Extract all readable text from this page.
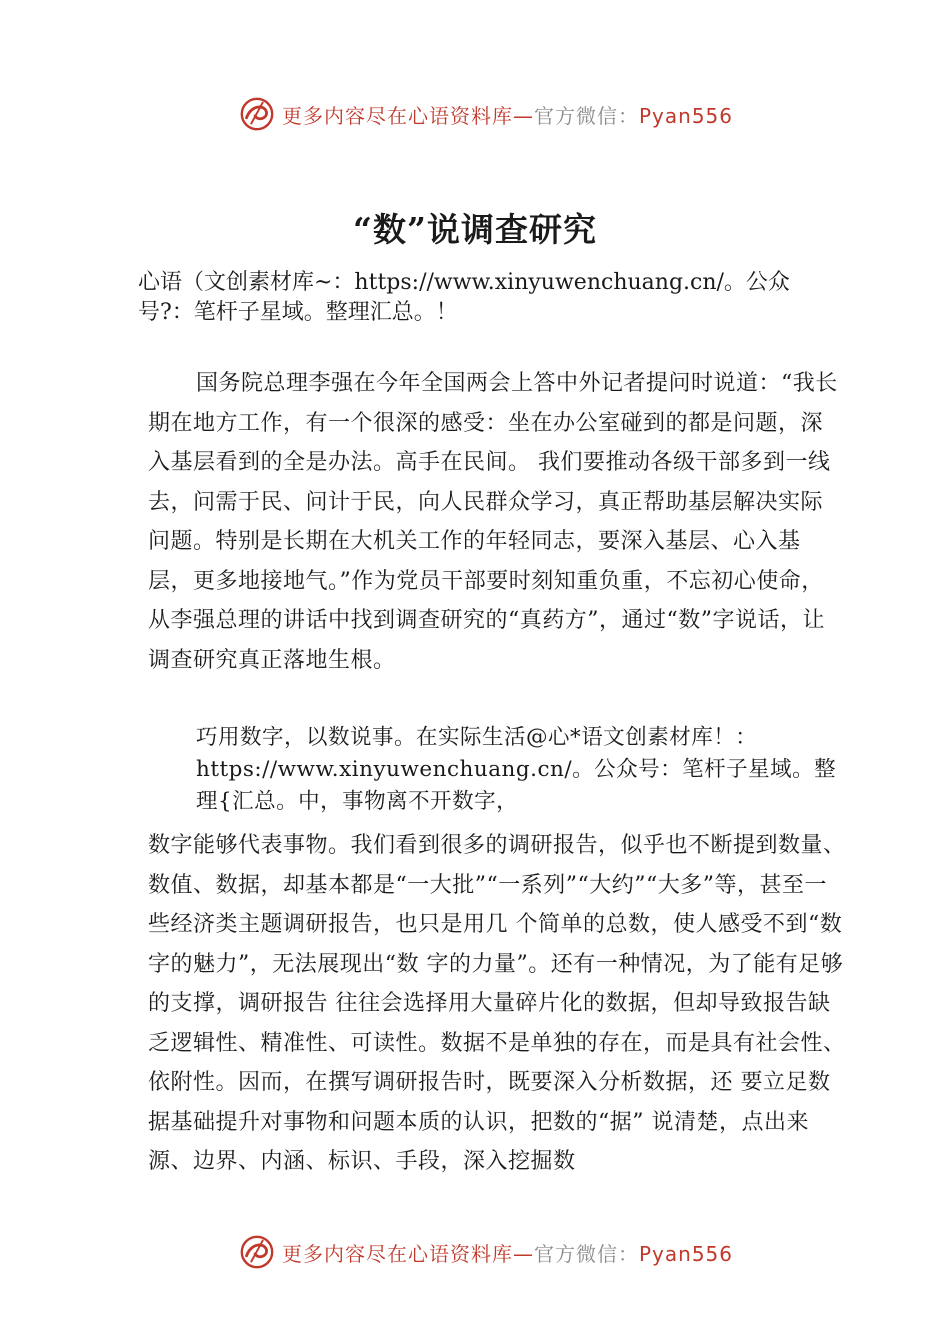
更多内容尽在心语资料库—官方微信：Pyan556
“数”说调查研究

心语（文创素材库~：https://www.xinyuwenchuang.cn/。公众号?：笔杆子星域。整理汇总。！

国务院总理李强在今年全国两会上答中外记者提问时说道：“我长期在地方工作，有一个很深的感受：坐在办公室碰到的都是问题，深入基层看到的全是办法。高手在民间。 我们要推动各级干部多到一线去，问需于民、问计于民，向人民群众学习，真正帮助基层解决实际问题。特别是长期在大机关工作的年轻同志，要深入基层、心入基层，更多地接地气。”作为党员干部要时刻知重负重，不忘初心使命，从李强总理的讲话中找到调查研究的“真药方”，通过“数”字说话，让调查研究真正落地生根。

巧用数字，以数说事。在实际生活@心*语文创素材库！：https://www.xinyuwenchuang.cn/。公众号：笔杆子星域。整理{汇总。中，事物离不开数字，

数字能够代表事物。我们看到很多的调研报告，似乎也不断提到数量、数值、数据，却基本都是“一大批”“一系列”“大约”“大多”等，甚至一些经济类主题调研报告，也只是用几 个简单的总数，使人感受不到“数字的魅力”，无法展现出“数 字的力量”。还有一种情况，为了能有足够的支撑，调研报告 往往会选择用大量碎片化的数据，但却导致报告缺乏逻辑性、精准性、可读性。数据不是单独的存在，而是具有社会性、依附性。因而，在撰写调研报告时，既要深入分析数据，还 要立足数据基础提升对事物和问题本质的认识，把数的“据” 说清楚，点出来源、边界、内涵、标识、手段，深入挖掘数

更多内容尽在心语资料库—官方微信：Pyan556
